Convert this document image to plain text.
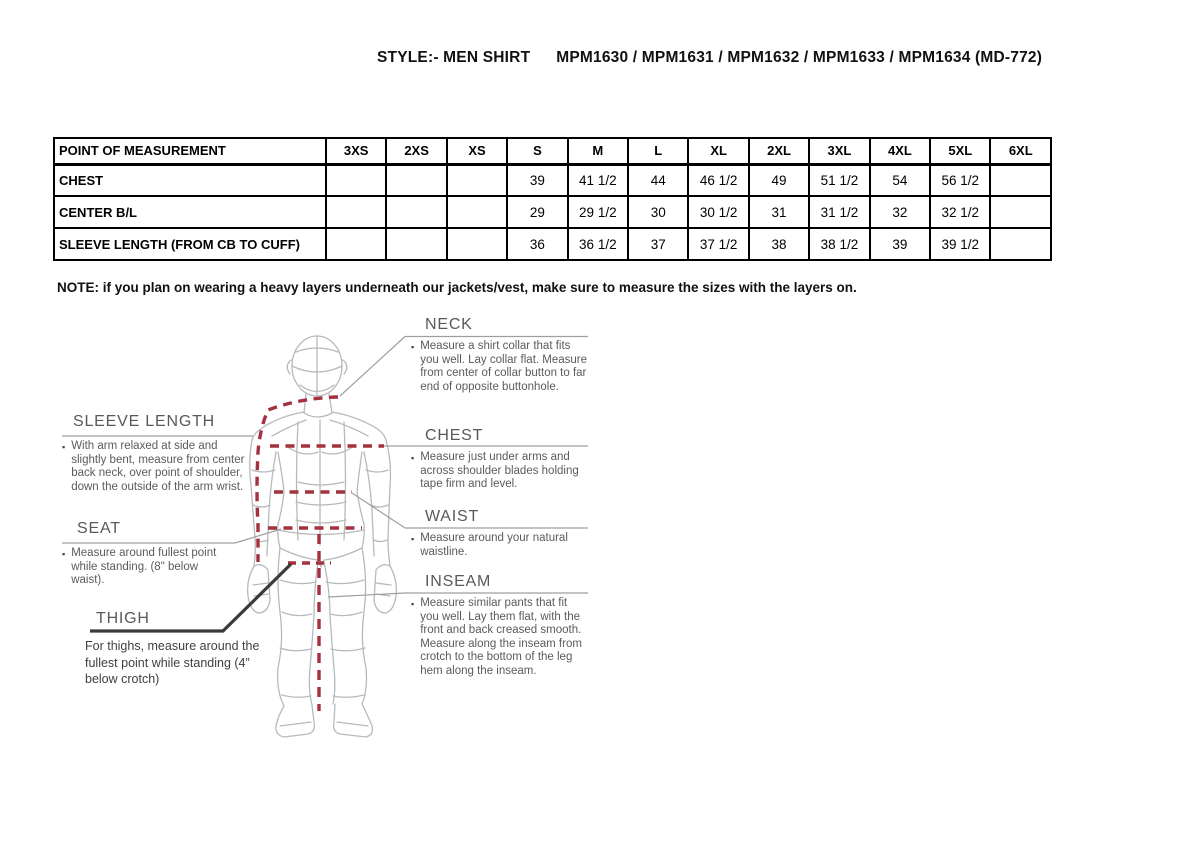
STYLE:- MEN SHIRT MPM1630 / MPM1631 / MPM1632 / MPM1633 / MPM1634 (MD-772)
POINT OF MEASUREMENT	3XS	2XS	XS	S	M	L	XL	2XL	3XL	4XL	5XL	6XL
CHEST				39	41 1/2	44	46 1/2	49	51 1/2	54	56 1/2	
CENTER B/L				29	29 1/2	30	30 1/2	31	31 1/2	32	32 1/2	
SLEEVE LENGTH (FROM CB TO CUFF)				36	36 1/2	37	37 1/2	38	38 1/2	39	39 1/2	
NOTE: if you plan on wearing a heavy layers underneath our jackets/vest, make sure to measure the sizes with the layers on.
NECK
▪ Measure a shirt collar that fits you well. Lay collar flat. Measure from center of collar button to far end of opposite buttonhole.
CHEST
▪ Measure just under arms and across shoulder blades holding tape firm and level.
WAIST
▪ Measure around your natural waistline.
INSEAM
▪ Measure similar pants that fit you well. Lay them flat, with the front and back creased smooth. Measure along the inseam from crotch to the bottom of the leg hem along the inseam.
SLEEVE LENGTH
▪ With arm relaxed at side and slightly bent, measure from center back neck, over point of shoulder, down the outside of the arm wrist.
SEAT
▪ Measure around fullest point while standing. (8" below waist).
THIGH
For thighs, measure around the fullest point while standing (4” below crotch)
